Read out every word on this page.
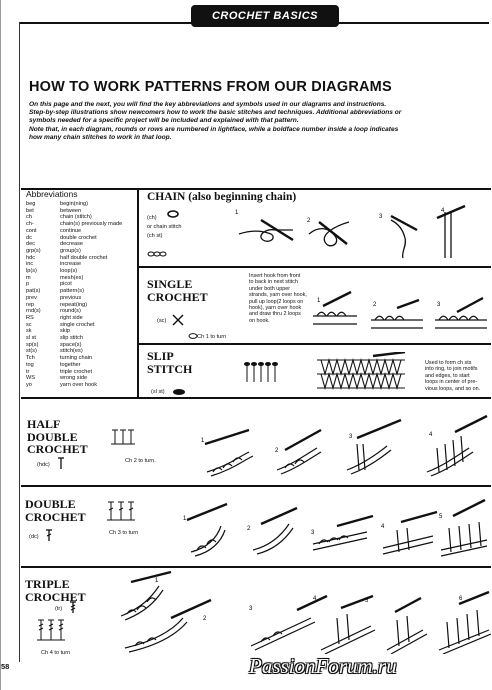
CROCHET BASICS
HOW TO WORK PATTERNS FROM OUR DIAGRAMS

On this page and the next, you will find the key abbreviations and symbols used in our diagrams and instructions.

Step-by-step illustrations show newcomers how to work the basic stitches and techniques. Additional abbreviations or

symbols needed for a specific project will be included and explained with that pattern.

Note that, in each diagram, rounds or rows are numbered in lightface, while a boldface number inside a loop indicates

how many chain stitches to work in that loop.

Abbreviations
beg	begin(ning)
bet	between
ch	chain (stitch)
ch-	chain(s) previously made
cont	continue
dc	double crochet
dec	decrease
grp(s)	group(s)
hdc	half double crochet
inc	increase
lp(s)	loop(s)
m	mesh(es)
p	picot
pat(s)	pattern(s)
prev	previous
rep	repeat(ing)
rnd(s)	round(s)
RS	right side
sc	single crochet
sk	skip
sl st	slip stitch
sp(s)	space(s)
st(s)	stitch(es)
Tch	turning chain
tog	together
tr	triple crochet
WS	wrong side
yo	yarn over hook
CHAIN (also beginning chain)
(ch)
or chain stitch
(ch st)
1
2
3
4
SINGLE
CROCHET
(sc)
Ch 1 to turn
Insert hook from front
to back in next stitch
under both upper
strands, yarn over hook,
pull up loop(2 loops on
hook), yarn over hook
and draw thru 2 loops
on hook.
1
2	3
SLIP
STITCH
(sl st)
Used to form ch sts
into ring, to join motifs
and edges, to start
loops in center of pre-
vious loops, and so on.
HALF
DOUBLE
CROCHET
(hdc)
Ch 2 to turn.
1
2
3	4
DOUBLE
CROCHET
(dc)
Ch 3 to turn
1
2
3
4
5
TRIPLE
CROCHET
(tr)
Ch 4 to turn
1
2
3
4	5	6
58	PassionForum.ru
